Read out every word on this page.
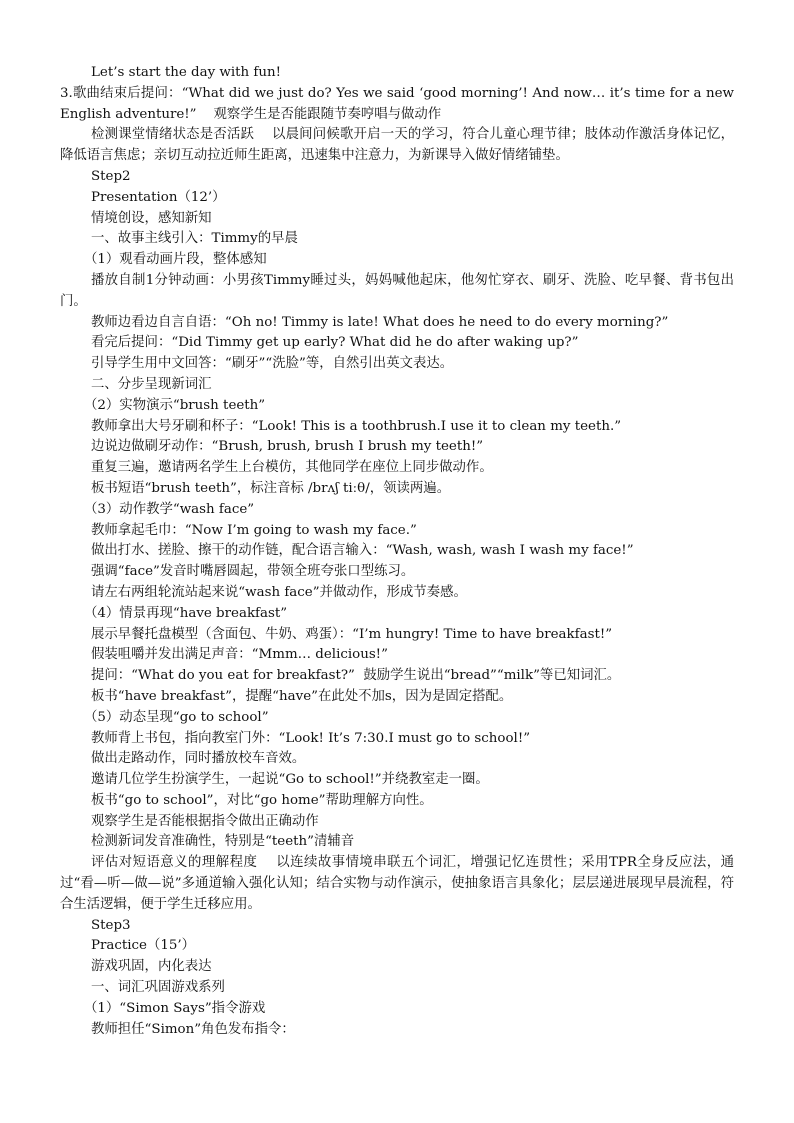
Let’s start the day with fun!

3.歌曲结束后提问：“What did we just do? Yes we said ‘good morning’! And now… it’s time for a new English adventure!”    观察学生是否能跟随节奏哼唱与做动作

检测课堂情绪状态是否活跃    以晨间问候歌开启一天的学习，符合儿童心理节律；肢体动作激活身体记忆，降低语言焦虑；亲切互动拉近师生距离，迅速集中注意力，为新课导入做好情绪铺垫。

Step2

Presentation（12’）

情境创设，感知新知

一、故事主线引入：Timmy的早晨

（1）观看动画片段，整体感知

播放自制1分钟动画：小男孩Timmy睡过头，妈妈喊他起床，他匆忙穿衣、刷牙、洗脸、吃早餐、背书包出门。

教师边看边自言自语：“Oh no! Timmy is late! What does he need to do every morning?”

看完后提问：“Did Timmy get up early? What did he do after waking up?”

引导学生用中文回答：“刷牙”“洗脸”等，自然引出英文表达。

二、分步呈现新词汇

（2）实物演示“brush teeth”

教师拿出大号牙刷和杯子：“Look! This is a toothbrush.I use it to clean my teeth.”

边说边做刷牙动作：“Brush, brush, brush I brush my teeth!”

重复三遍，邀请两名学生上台模仿，其他同学在座位上同步做动作。

板书短语“brush teeth”，标注音标 /brʌʃ tiːθ/，领读两遍。

（3）动作教学“wash face”

教师拿起毛巾：“Now I’m going to wash my face.”

做出打水、搓脸、擦干的动作链，配合语言输入：“Wash, wash, wash I wash my face!”

强调“face”发音时嘴唇圆起，带领全班夸张口型练习。

请左右两组轮流站起来说“wash face”并做动作，形成节奏感。

（4）情景再现“have breakfast”

展示早餐托盘模型（含面包、牛奶、鸡蛋）：“I’m hungry! Time to have breakfast!”

假装咀嚼并发出满足声音：“Mmm… delicious!”

提问：“What do you eat for breakfast?”  鼓励学生说出“bread”“milk”等已知词汇。

板书“have breakfast”，提醒“have”在此处不加s，因为是固定搭配。

（5）动态呈现“go to school”

教师背上书包，指向教室门外：“Look! It’s 7:30.I must go to school!”

做出走路动作，同时播放校车音效。

邀请几位学生扮演学生，一起说“Go to school!”并绕教室走一圈。

板书“go to school”，对比“go home”帮助理解方向性。

观察学生是否能根据指令做出正确动作

检测新词发音准确性，特别是“teeth”清辅音

评估对短语意义的理解程度    以连续故事情境串联五个词汇，增强记忆连贯性；采用TPR全身反应法，通过“看—听—做—说”多通道输入强化认知；结合实物与动作演示，使抽象语言具象化；层层递进展现早晨流程，符合生活逻辑，便于学生迁移应用。

Step3

Practice（15’）

游戏巩固，内化表达

一、词汇巩固游戏系列

（1）“Simon Says”指令游戏

教师担任“Simon”角色发布指令：
